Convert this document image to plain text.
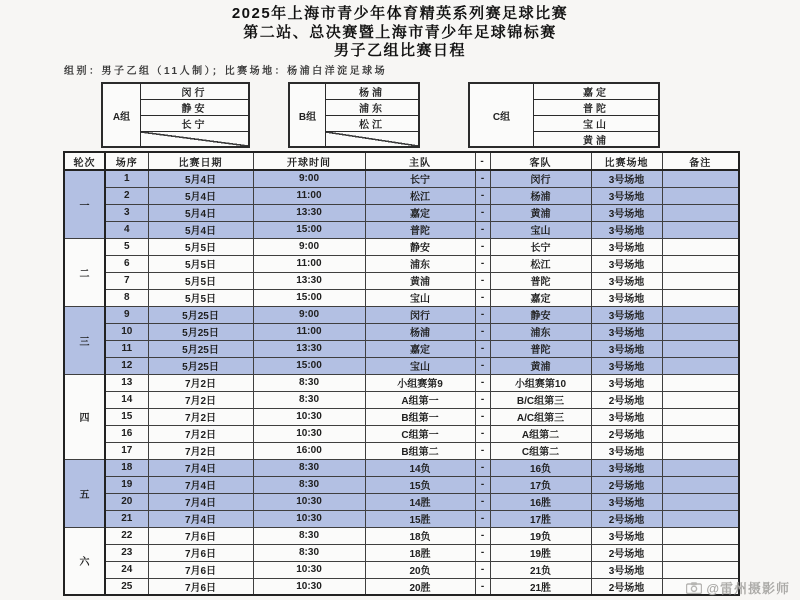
2025年上海市青少年体育精英系列赛足球比赛
第二站、总决赛暨上海市青少年足球锦标赛
男子乙组比赛日程
组别：男子乙组（11人制）；比赛场地：杨浦白洋淀足球场
A组
闵行
静安
长宁
B组
杨浦
浦东
松江
C组
嘉定
普陀
宝山
黄浦
轮次	场序	比赛日期	开球时间	主队	-	客队	比赛场地	备注
一	1	5月4日	9:00	长宁	-	闵行	3号场地	
	2	5月4日	11:00	松江	-	杨浦	3号场地	
	3	5月4日	13:30	嘉定	-	黄浦	3号场地	
	4	5月4日	15:00	普陀	-	宝山	3号场地	
二	5	5月5日	9:00	静安	-	长宁	3号场地	
	6	5月5日	11:00	浦东	-	松江	3号场地	
	7	5月5日	13:30	黄浦	-	普陀	3号场地	
	8	5月5日	15:00	宝山	-	嘉定	3号场地	
三	9	5月25日	9:00	闵行	-	静安	3号场地	
	10	5月25日	11:00	杨浦	-	浦东	3号场地	
	11	5月25日	13:30	嘉定	-	普陀	3号场地	
	12	5月25日	15:00	宝山	-	黄浦	3号场地	
四	13	7月2日	8:30	小组赛第9	-	小组赛第10	3号场地	
	14	7月2日	8:30	A组第一	-	B/C组第三	2号场地	
	15	7月2日	10:30	B组第一	-	A/C组第三	3号场地	
	16	7月2日	10:30	C组第一	-	A组第二	2号场地	
	17	7月2日	16:00	B组第二	-	C组第二	3号场地	
五	18	7月4日	8:30	14负	-	16负	3号场地	
	19	7月4日	8:30	15负	-	17负	2号场地	
	20	7月4日	10:30	14胜	-	16胜	3号场地	
	21	7月4日	10:30	15胜	-	17胜	2号场地	
六	22	7月6日	8:30	18负	-	19负	3号场地	
	23	7月6日	8:30	18胜	-	19胜	2号场地	
	24	7月6日	10:30	20负	-	21负	3号场地	
	25	7月6日	10:30	20胜	-	21胜	2号场地		@雷州摄影师
